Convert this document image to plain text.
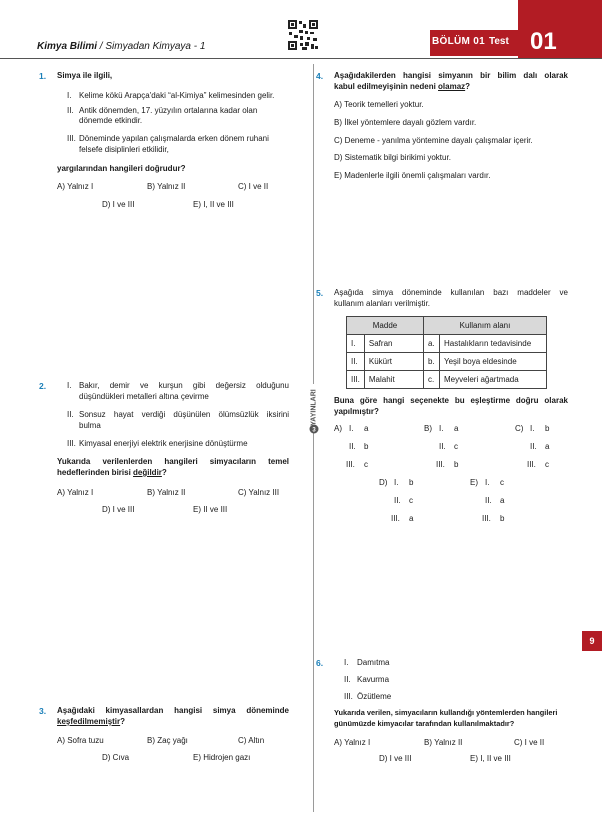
Kimya Bilimi / Simyadan Kimyaya - 1	BÖLÜM 01 Test 01
3
YAYINLARI
1. Simya ile ilgili,
I. Kelime kökü Arapça'daki “al-Kimiya” kelimesinden gelir.
II. Antik dönemden, 17. yüzyılın ortalarına kadar olan
dönemde etkindir.
III. Döneminde yapılan çalışmalarda erken dönem ruhani
felsefe disiplinleri etkilidir,
yargılarından hangileri doğrudur?
A) Yalnız I	B) Yalnız II	C) I ve II
D) I ve III	E) I, II ve III
2.	I. Bakır, demir ve kurşun gibi değersiz olduğunu
düşündükleri metalleri altına çevirme
II. Sonsuz hayat verdiği düşünülen ölümsüzlük iksirini
bulma
III. Kimyasal enerjiyi elektrik enerjisine dönüştürme
Yukarıda verilenlerden hangileri simyacıların temel
hedeflerinden birisi değildir?
A) Yalnız I	B) Yalnız II	C) Yalnız III
D) I ve III	E) II ve III
3. Aşağıdaki kimyasallardan hangisi simya döneminde
keşfedilmemiştir?
A) Sofra tuzu	B) Zaç yağı	C) Altın
D) Cıva	E) Hidrojen gazı
4. Aşağıdakilerden hangisi simyanın bir bilim dalı olarak
kabul edilmeyişinin nedeni olamaz?
A) Teorik temelleri yoktur.
B) İlkel yöntemlere dayalı gözlem vardır.
C) Deneme - yanılma yöntemine dayalı çalışmalar içerir.
D) Sistematik bilgi birikimi yoktur.
E) Madenlerle ilgili önemli çalışmaları vardır.
5. Aşağıda simya döneminde kullanılan bazı maddeler ve
kullanım alanları verilmiştir.
Madde		Kullanım alanı	
I.	Safran	a.	Hastalıkların tedavisinde
II.	Kükürt	b.	Yeşil boya eldesinde
III.	Malahit	c.	Meyveleri ağartmada
Buna göre hangi seçenekte bu eşleştirme doğru olarak
yapılmıştır?
A) I. a
II. b
III. c
B) I. a
II. c
III. b
C) I. b
II. a
III. c
D) I. b
II. c
III. a
E) I. c
II. a
III. b
9
6.	I. Damıtma
II. Kavurma
III. Özütleme
Yukarıda verilen, simyacıların kullandığı yöntemlerden hangileri
günümüzde kimyacılar tarafından kullanılmaktadır?
A) Yalnız I	B) Yalnız II	C) I ve II
D) I ve III	E) I, II ve III
